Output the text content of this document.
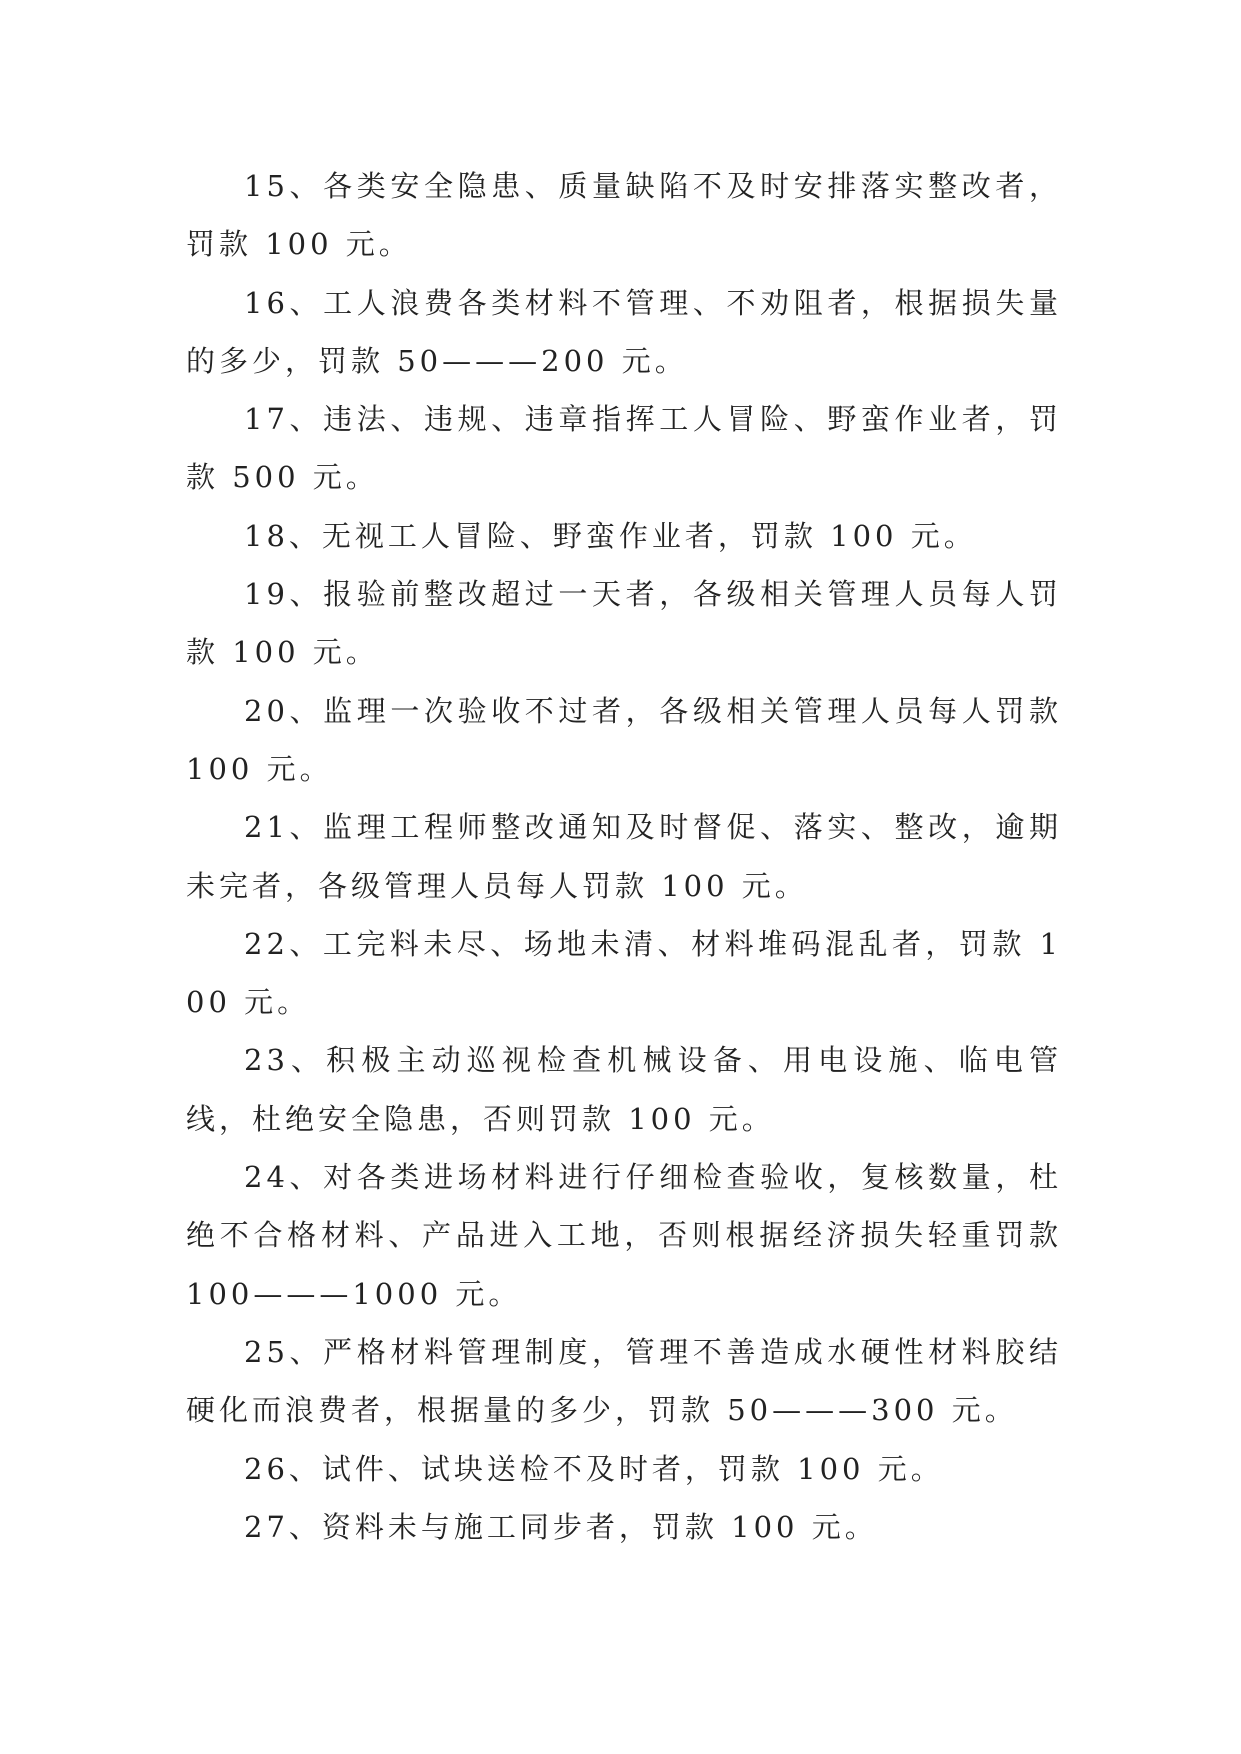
15、各类安全隐患、质量缺陷不及时安排落实整改者，罚款 100 元。

16、工人浪费各类材料不管理、不劝阻者，根据损失量的多少，罚款 50———200 元。

17、违法、违规、违章指挥工人冒险、野蛮作业者，罚款 500 元。

18、无视工人冒险、野蛮作业者，罚款 100 元。

19、报验前整改超过一天者，各级相关管理人员每人罚款 100 元。

20、监理一次验收不过者，各级相关管理人员每人罚款 100 元。

21、监理工程师整改通知及时督促、落实、整改，逾期未完者，各级管理人员每人罚款 100 元。

22、工完料未尽、场地未清、材料堆码混乱者，罚款 100 元。

23、积极主动巡视检查机械设备、用电设施、临电管线，杜绝安全隐患，否则罚款 100 元。

24、对各类进场材料进行仔细检查验收，复核数量，杜绝不合格材料、产品进入工地，否则根据经济损失轻重罚款 100———1000 元。

25、严格材料管理制度，管理不善造成水硬性材料胶结硬化而浪费者，根据量的多少，罚款 50———300 元。

26、试件、试块送检不及时者，罚款 100 元。

27、资料未与施工同步者，罚款 100 元。
